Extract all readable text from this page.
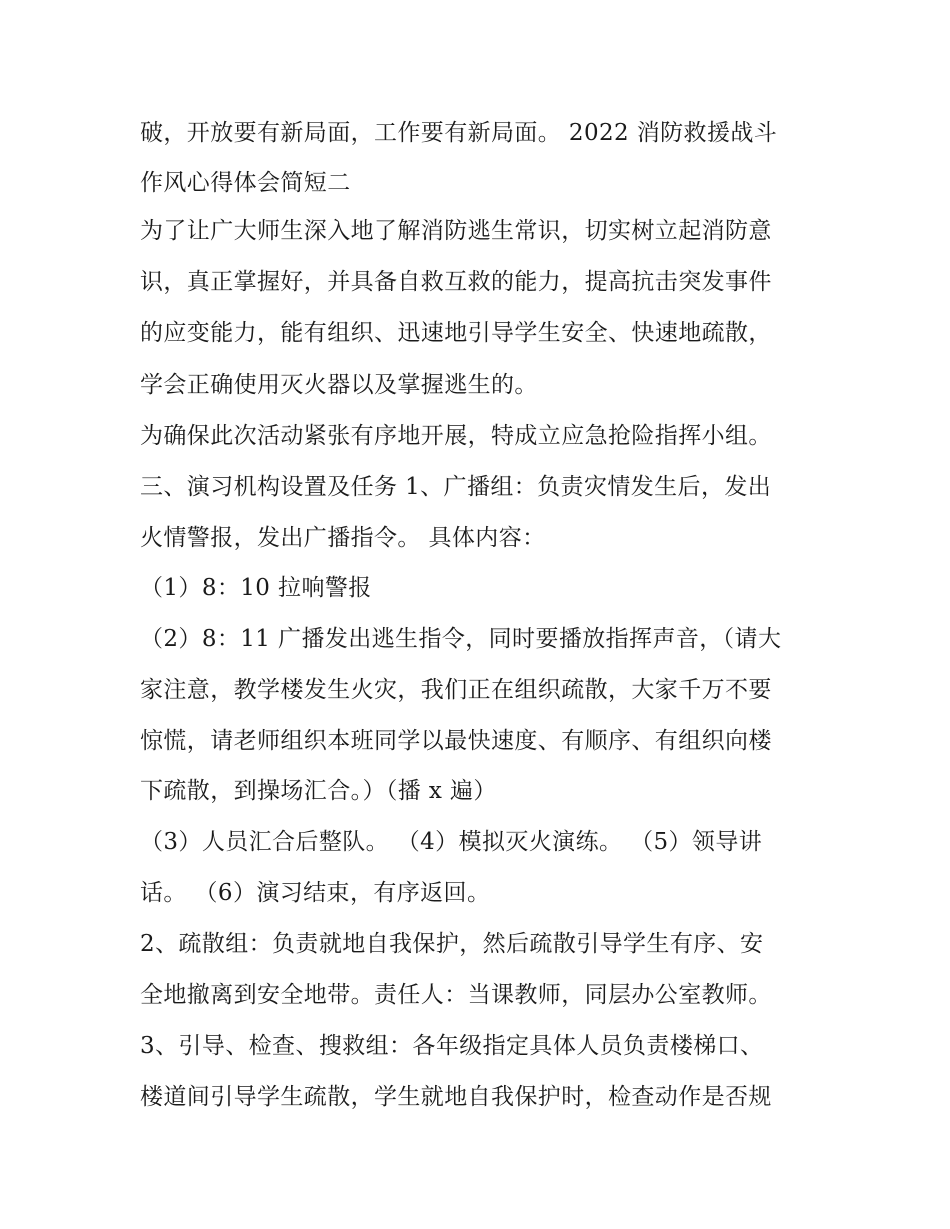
破，开放要有新局面，工作要有新局面。 2022 消防救援战斗
作风心得体会简短二
为了让广大师生深入地了解消防逃生常识，切实树立起消防意
识，真正掌握好，并具备自救互救的能力，提高抗击突发事件
的应变能力，能有组织、迅速地引导学生安全、快速地疏散，
学会正确使用灭火器以及掌握逃生的。
为确保此次活动紧张有序地开展，特成立应急抢险指挥小组。
三、演习机构设置及任务 1、广播组：负责灾情发生后，发出
火情警报，发出广播指令。 具体内容：
（1）8：10 拉响警报
（2）8：11 广播发出逃生指令，同时要播放指挥声音，（请大
家注意，教学楼发生火灾，我们正在组织疏散，大家千万不要
惊慌，请老师组织本班同学以最快速度、有顺序、有组织向楼
下疏散，到操场汇合。）（播 x 遍）
（3）人员汇合后整队。 （4）模拟灭火演练。 （5）领导讲
话。 （6）演习结束，有序返回。
2、疏散组：负责就地自我保护，然后疏散引导学生有序、安
全地撤离到安全地带。责任人：当课教师，同层办公室教师。
3、引导、检查、搜救组：各年级指定具体人员负责楼梯口、
楼道间引导学生疏散，学生就地自我保护时，检查动作是否规
